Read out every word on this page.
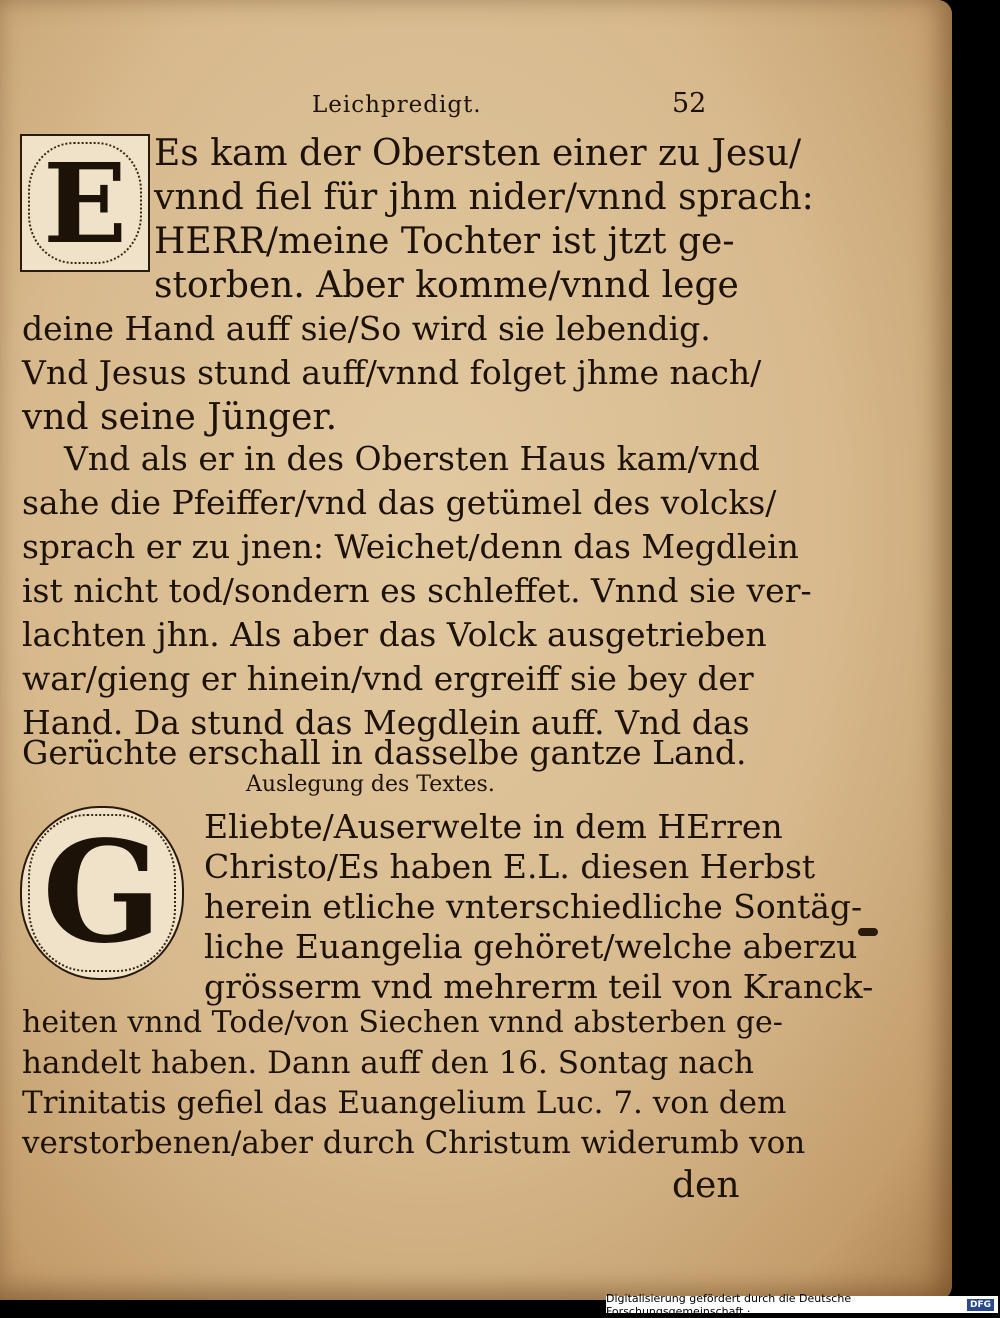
Leichpredigt.	52
E Es kam der Obersten einer zu Jesu/
vnnd fiel für jhm nider/vnnd sprach:
HERR/meine Tochter ist jtzt ge-
storben. Aber komme/vnnd lege
deine Hand auff sie/So wird sie lebendig.
Vnd Jesus stund auff/vnnd folget jhme nach/
vnd seine Jünger.
Vnd als er in des Obersten Haus kam/vnd
sahe die Pfeiffer/vnd das getümel des volcks/
sprach er zu jnen: Weichet/denn das Megdlein
ist nicht tod/sondern es schleffet. Vnnd sie ver-
lachten jhn. Als aber das Volck ausgetrieben
war/gieng er hinein/vnd ergreiff sie bey der
Hand. Da stund das Megdlein auff. Vnd das
Gerüchte erschall in dasselbe gantze Land.
Auslegung des Textes.
G Eliebte/Auserwelte in dem HErren
Christo/Es haben E.L. diesen Herbst
herein etliche vnterschiedliche Sontäg-
liche Euangelia gehöret/welche aberzu
grösserm vnd mehrerm teil von Kranck-
heiten vnnd Tode/von Siechen vnnd absterben ge-
handelt haben. Dann auff den 16. Sontag nach
Trinitatis gefiel das Euangelium Luc. 7. von dem
verstorbenen/aber durch Christum widerumb von
den
Digitalisierung gefördert durch die Deutsche Forschungsgemeinschaft ·	DFG
